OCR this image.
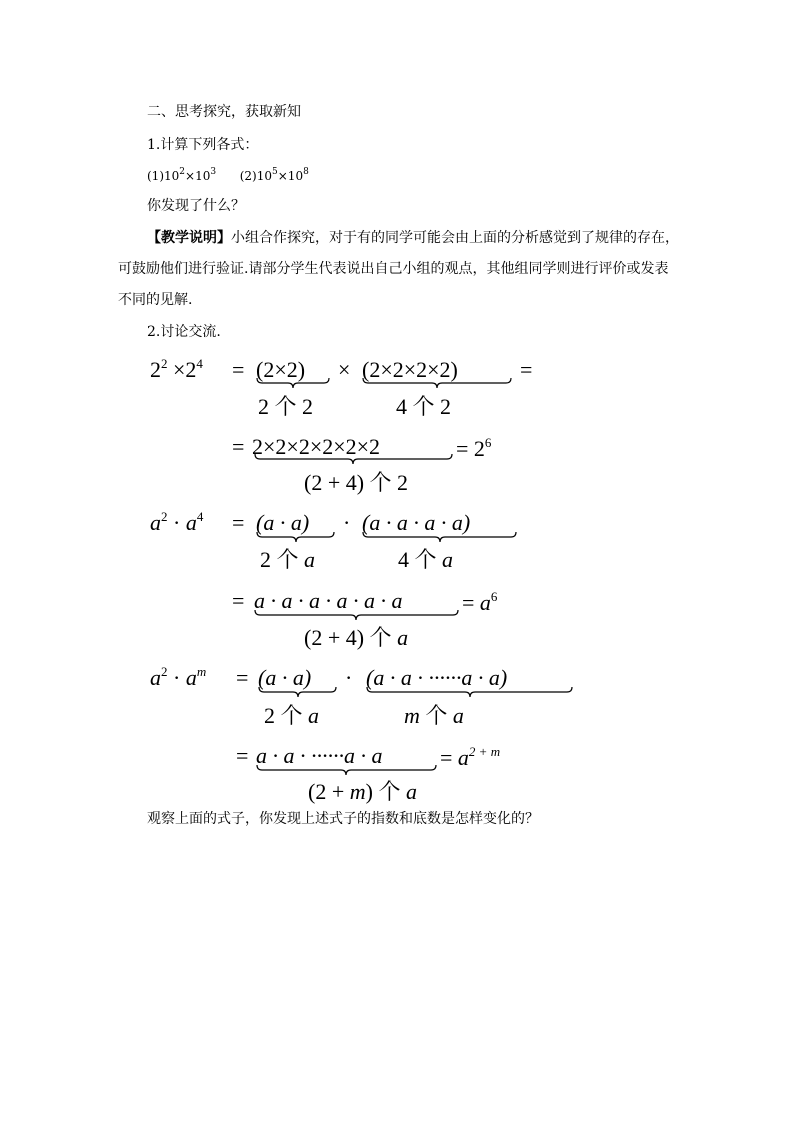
二、思考探究，获取新知
1.计算下列各式：
$(1)10^2\times 10^3$ $(2)10^5\times 10^8$
你发现了什么？
【教学说明】小组合作探究，对于有的同学可能会由上面的分析感觉到了规律的存在，
可鼓励他们进行验证.请部分学生代表说出自己小组的观点，其他组同学则进行评价或发表
不同的见解.
2.讨论交流.
$2^2 \times 2^4 = (2\times 2) \times (2\times 2\times 2\times 2)$	=
2 个 2	4 个 2
= 2×2×2×2×2×2	= $2^6$
(2 + 4) 个 2
$a^2 \cdot a^4 = (a \cdot a) \cdot (a \cdot a \cdot a \cdot a)$
2 个 a	4 个 a
= a · a · a · a · a · a	= $a^6$
(2 + 4) 个 a
$a^2 \cdot a^m = (a \cdot a) \cdot (a \cdot a \cdot \cdot\cdot\cdot\cdot\cdot\cdot a \cdot a)$
2 个 a	m 个 a
= a · a · ······a · a	= $a^{2 + m}$
(2 + m) 个 a
观察上面的式子，你发现上述式子的指数和底数是怎样变化的？
